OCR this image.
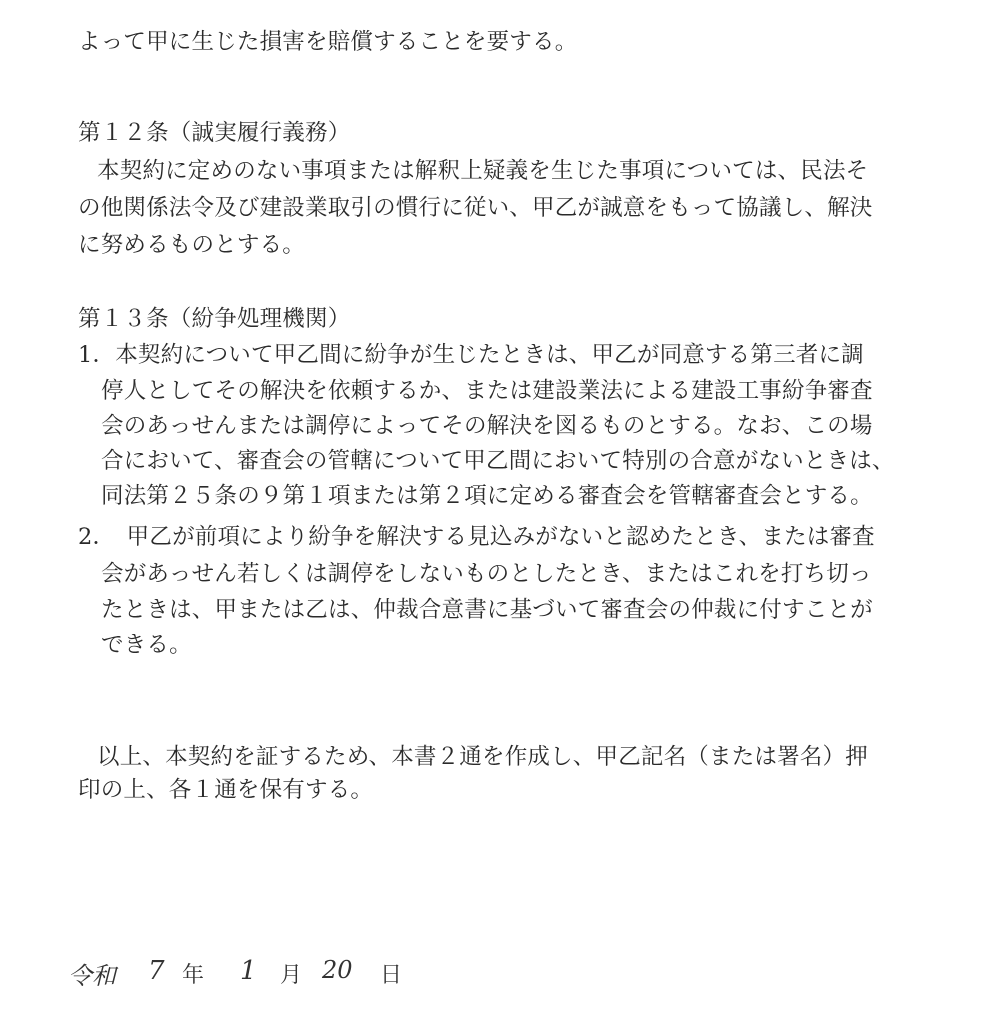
よって甲に生じた損害を賠償することを要する。
第１２条（誠実履行義務）
本契約に定めのない事項または解釈上疑義を生じた事項については、民法そ
の他関係法令及び建設業取引の慣行に従い、甲乙が誠意をもって協議し、解決
に努めるものとする。
第１３条（紛争処理機関）
1．本契約について甲乙間に紛争が生じたときは、甲乙が同意する第三者に調
停人としてその解決を依頼するか、または建設業法による建設工事紛争審査
会のあっせんまたは調停によってその解決を図るものとする。なお、この場
合において、審査会の管轄について甲乙間において特別の合意がないときは、
同法第２５条の９第１項または第２項に定める審査会を管轄審査会とする。
2．　甲乙が前項により紛争を解決する見込みがないと認めたとき、または審査
会があっせん若しくは調停をしないものとしたとき、またはこれを打ち切っ
たときは、甲または乙は、仲裁合意書に基づいて審査会の仲裁に付すことが
できる。
以上、本契約を証するため、本書２通を作成し、甲乙記名（または署名）押
印の上、各１通を保有する。
令和 7 年 1 月 20 日
